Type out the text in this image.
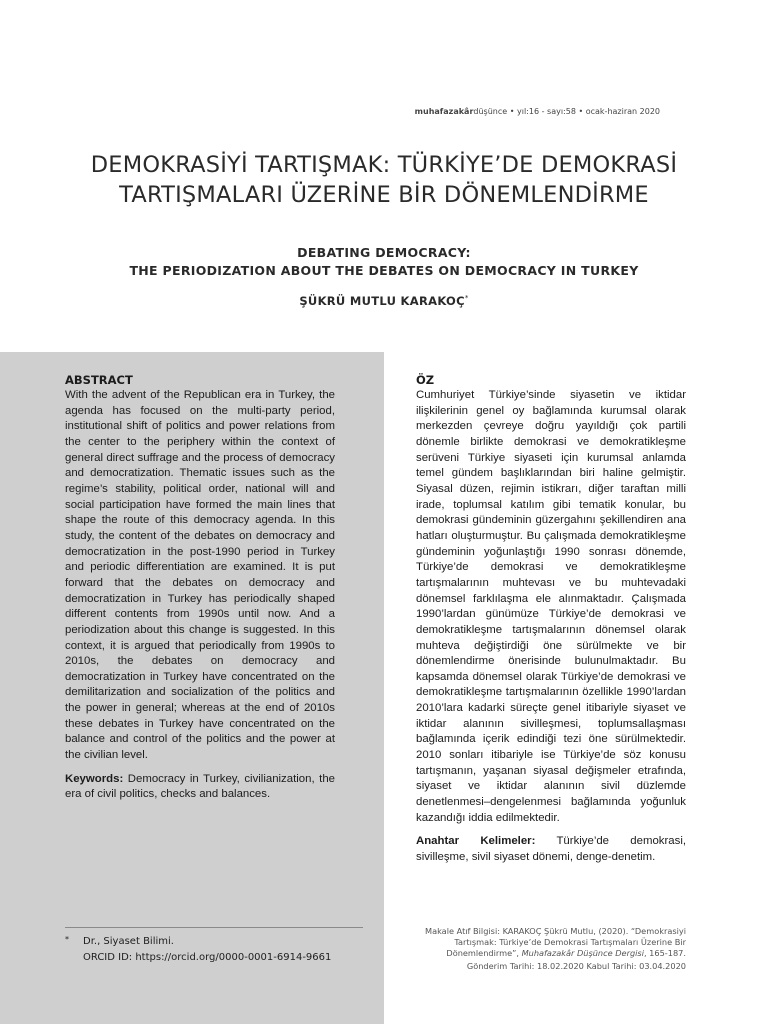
muhafazakârdüşünce • yıl:16 - sayı:58 • ocak-haziran 2020
DEMOKRASİYİ TARTIŞMAK: TÜRKİYE’DE DEMOKRASİ TARTIŞMALARI ÜZERİNE BİR DÖNEMLENDİRME
DEBATING DEMOCRACY:
THE PERIODIZATION ABOUT THE DEBATES ON DEMOCRACY IN TURKEY
ŞÜKRÜ MUTLU KARAKOÇ*
ABSTRACT

With the advent of the Republican era in Turkey, the agenda has focused on the multi-party period, institutional shift of politics and power relations from the center to the periphery within the context of general direct suffrage and the process of democracy and democratization. Thematic issues such as the regime’s stability, political order, national will and social participation have formed the main lines that shape the route of this democracy agenda. In this study, the content of the debates on democracy and democratization in the post-1990 period in Turkey and periodic differentiation are examined. It is put forward that the debates on democracy and democratization in Turkey has periodically shaped different contents from 1990s until now. And a periodization about this change is suggested. In this context, it is argued that periodically from 1990s to 2010s, the debates on democracy and democratization in Turkey have concentrated on the demilitarization and socialization of the politics and the power in general; whereas at the end of 2010s these debates in Turkey have concentrated on the balance and control of the politics and the power at the civilian level.

Keywords: Democracy in Turkey, civilianization, the era of civil politics, checks and balances.

* Dr., Siyaset Bilimi.
ORCID ID: https://orcid.org/0000-0001-6914-9661
ÖZ

Cumhuriyet Türkiye’sinde siyasetin ve iktidar ilişkilerinin genel oy bağlamında kurumsal olarak merkezden çevreye doğru yayıldığı çok partili dönemle birlikte demokrasi ve demokratikleşme serüveni Türkiye siyaseti için kurumsal anlamda temel gündem başlıklarından biri haline gelmiştir. Siyasal düzen, rejimin istikrarı, diğer taraftan milli irade, toplumsal katılım gibi tematik konular, bu demokrasi gündeminin güzergahını şekillendiren ana hatları oluşturmuştur. Bu çalışmada demokratikleşme gündeminin yoğunlaştığı 1990 sonrası dönemde, Türkiye’de demokrasi ve demokratikleşme tartışmalarının muhtevası ve bu muhtevadaki dönemsel farklılaşma ele alınmaktadır. Çalışmada 1990’lardan günümüze Türkiye’de demokrasi ve demokratikleşme tartışmalarının dönemsel olarak muhteva değiştirdiği öne sürülmekte ve bir dönemlendirme önerisinde bulunulmaktadır. Bu kapsamda dönemsel olarak Türkiye’de demokrasi ve demokratikleşme tartışmalarının özellikle 1990’lardan 2010’lara kadarki süreçte genel itibariyle siyaset ve iktidar alanının sivilleşmesi, toplumsallaşması bağlamında içerik edindiği tezi öne sürülmektedir. 2010 sonları itibariyle ise Türkiye’de söz konusu tartışmanın, yaşanan siyasal değişmeler etrafında, siyaset ve iktidar alanının sivil düzlemde denetlenmesi–dengelenmesi bağlamında yoğunluk kazandığı iddia edilmektedir.

Anahtar Kelimeler: Türkiye’de demokrasi, sivilleşme, sivil siyaset dönemi, denge-denetim.

Makale Atıf Bilgisi: KARAKOÇ Şükrü Mutlu, (2020). “Demokrasiyi Tartışmak: Türkiye’de Demokrasi Tartışmaları Üzerine Bir Dönemlendirme”, Muhafazakâr Düşünce Dergisi, 165-187.
Gönderim Tarihi: 18.02.2020 Kabul Tarihi: 03.04.2020
